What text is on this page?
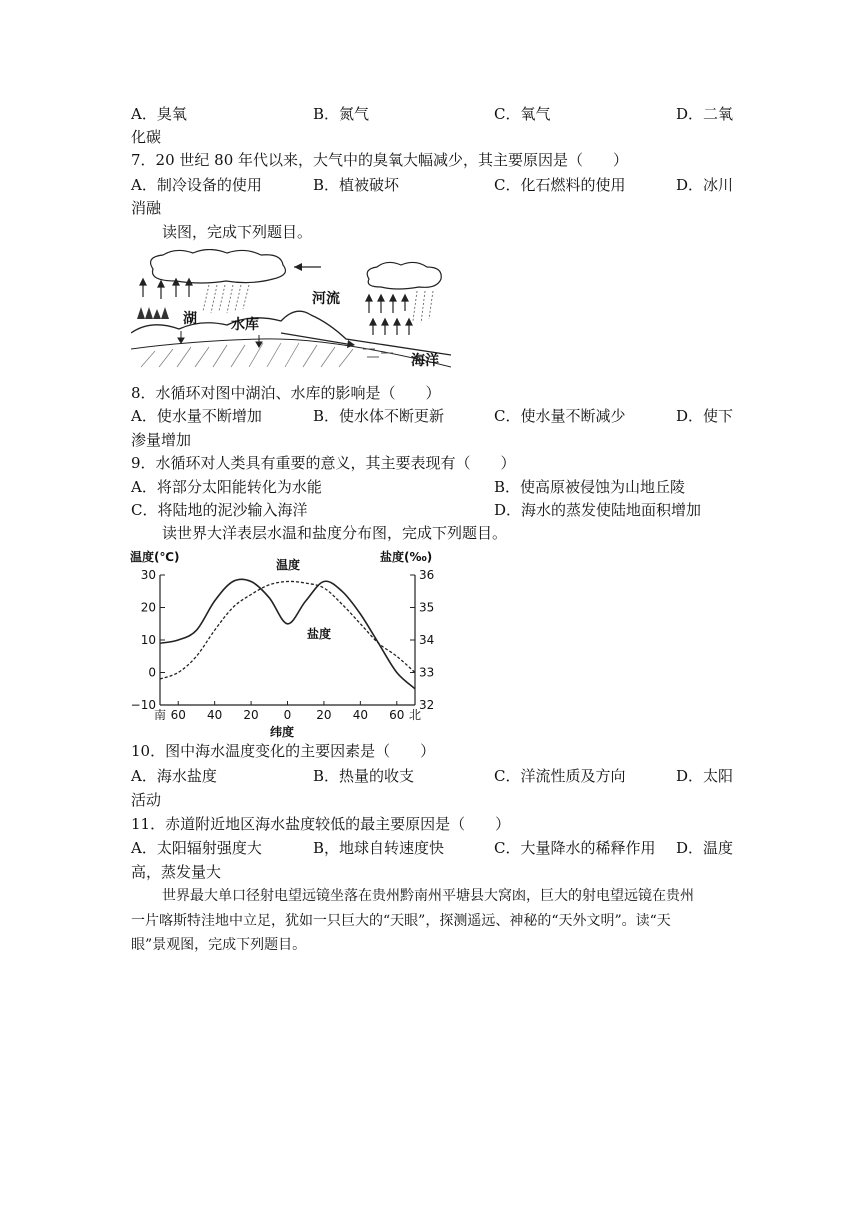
A．臭氧	B．氮气	C．氧气	D．二氧
化碳
7．20 世纪 80 年代以来，大气中的臭氧大幅减少，其主要原因是（　　）
A．制冷设备的使用	B．植被破坏	C．化石燃料的使用	D．冰川
消融
读图，完成下列题目。
湖 水库
河流
海洋
8．水循环对图中湖泊、水库的影响是（　　）
A．使水量不断增加	B．使水体不断更新	C．使水量不断减少	D．使下
渗量增加
9．水循环对人类具有重要的意义，其主要表现有（　　）
A．将部分太阳能转化为水能	B．使高原被侵蚀为山地丘陵
C．将陆地的泥沙输入海洋	D．海水的蒸发使陆地面积增加
读世界大洋表层水温和盐度分布图，完成下列题目。
温度(℃)	盐度(‰)
30
20
10
0
−10
36
35
34
33
32
南 60 40 20 0 20 40 60 北
温度
盐度
纬度
10．图中海水温度变化的主要因素是（　　）
A．海水盐度	B．热量的收支	C．洋流性质及方向	D．太阳
活动
11．赤道附近地区海水盐度较低的最主要原因是（　　）
A．太阳辐射强度大	B，地球自转速度快	C．大量降水的稀释作用 D．温度
高，蒸发量大
世界最大单口径射电望远镜坐落在贵州黔南州平塘县大窝凼，巨大的射电望远镜在贵州
一片喀斯特洼地中立足，犹如一只巨大的“天眼”，探测遥远、神秘的“天外文明”。读“天
眼”景观图，完成下列题目。
